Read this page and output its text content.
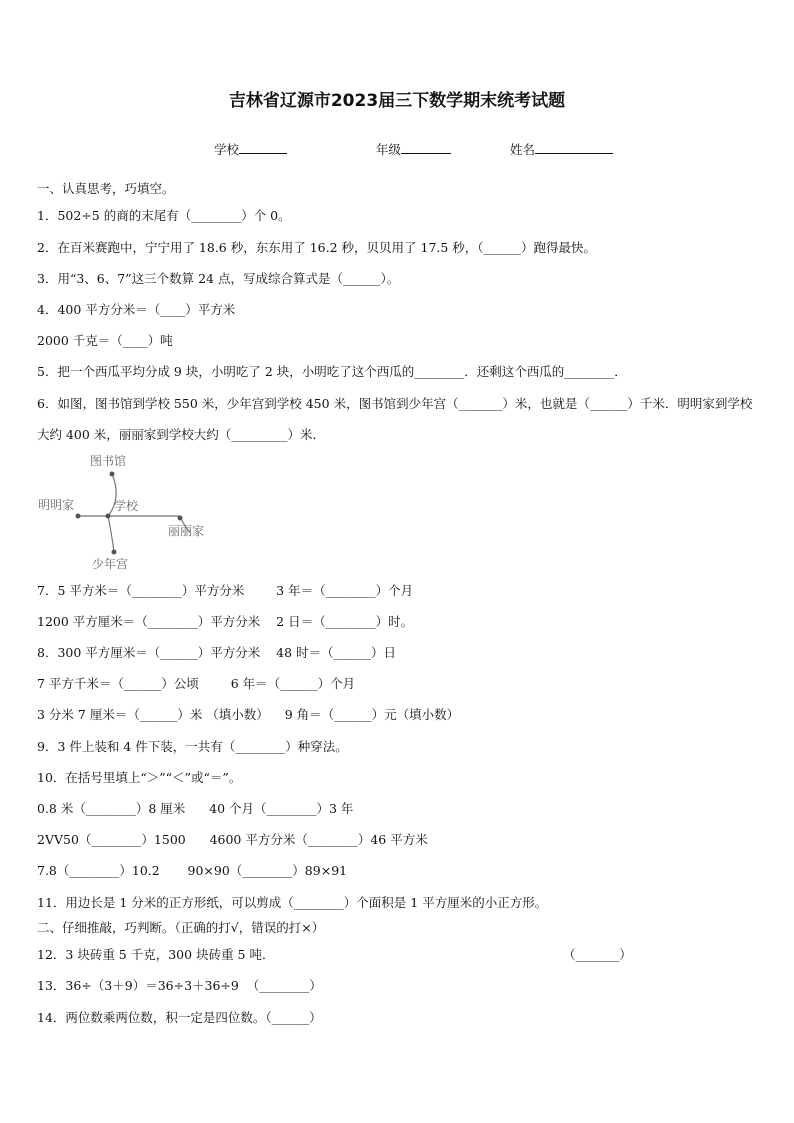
吉林省辽源市2023届三下数学期末统考试题
学校	年级	姓名
一、认真思考，巧填空。
1．502÷5 的商的末尾有（________）个 0。
2．在百米赛跑中，宁宁用了 18.6 秒，东东用了 16.2 秒，贝贝用了 17.5 秒，（______）跑得最快。
3．用“3、6、7”这三个数算 24 点，写成综合算式是（______）。
4．400 平方分米＝（____）平方米
2000 千克＝（____）吨
5．把一个西瓜平均分成 9 块，小明吃了 2 块，小明吃了这个西瓜的________．还剩这个西瓜的________．
6．如图，图书馆到学校 550 米，少年宫到学校 450 米，图书馆到少年宫（_______）米，也就是（______）千米．明明家到学校大约 400 米，丽丽家到学校大约（_________）米．
图书馆
学校
明明家
丽丽家
少年宫
7．5 平方米＝（________）平方分米        3 年＝（________）个月
1200 平方厘米＝（________）平方分米    2 日＝（________）时。
8．300 平方厘米＝（______）平方分米    48 时＝（______）日
7 平方千米＝（______）公顷        6 年＝（______）个月
3 分米 7 厘米＝（______）米 （填小数）    9 角＝（______）元（填小数）
9．3 件上装和 4 件下装，一共有（________）种穿法。
10．在括号里填上“＞”“＜”或“＝”。
0.8 米（________）8 厘米      40 个月（________）3 年
2VV50（________）1500      4600 平方分米（________）46 平方米
7.8（________）10.2       90×90（________）89×91
11．用边长是 1 分米的正方形纸，可以剪成（________）个面积是 1 平方厘米的小正方形。
二、仔细推敲，巧判断。（正确的打√，错误的打×）
12．3 块砖重 5 千克，300 块砖重 5 吨．	（_______）
13．36÷（3＋9）＝36÷3＋36÷9  （________）
14．两位数乘两位数，积一定是四位数。（______）
